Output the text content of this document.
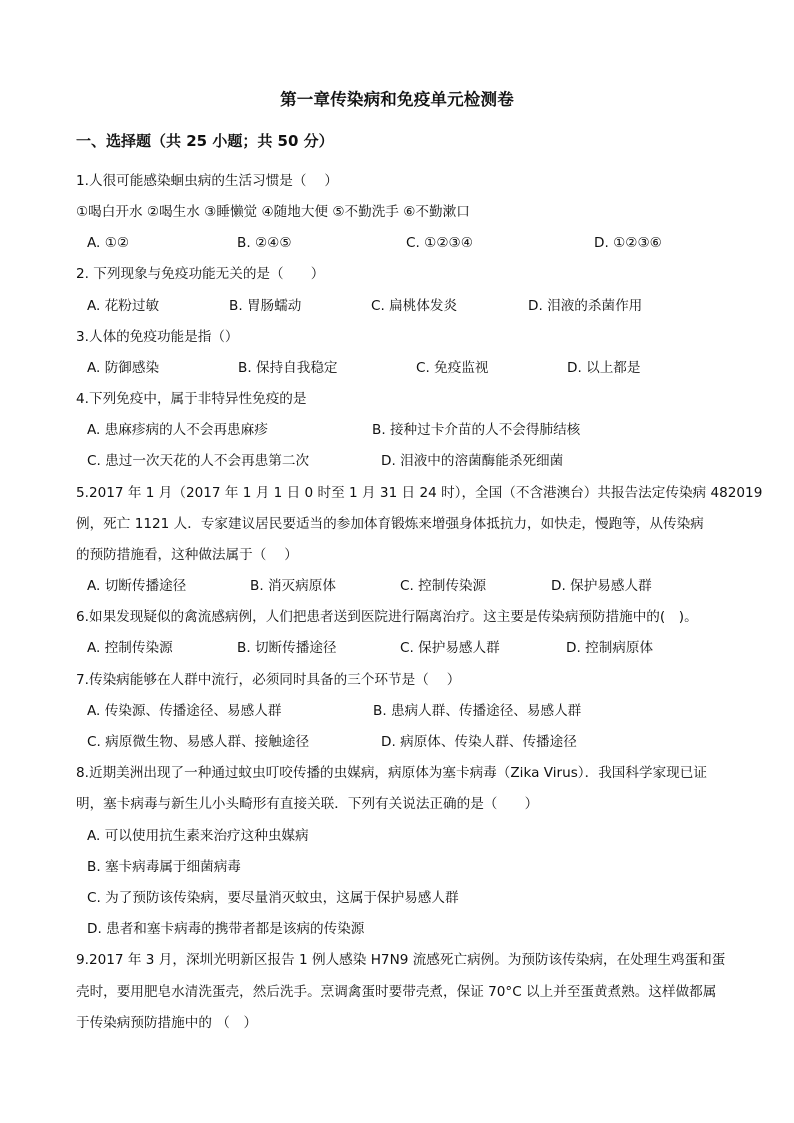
第一章传染病和免疫单元检测卷
一、选择题（共 25 小题；共 50 分）
1.人很可能感染蛔虫病的生活习惯是（　 ）
①喝白开水 ②喝生水 ③睡懒觉 ④随地大便 ⑤不勤洗手 ⑥不勤漱口
A. ①②	B. ②④⑤	C. ①②③④	D. ①②③⑥
2. 下列现象与免疫功能无关的是（　　）
A. 花粉过敏	B. 胃肠蠕动	C. 扁桃体发炎	D. 泪液的杀菌作用
3.人体的免疫功能是指（）
A. 防御感染	B. 保持自我稳定	C. 免疫监视	D. 以上都是
4.下列免疫中，属于非特异性免疫的是
A. 患麻疹病的人不会再患麻疹	B. 接种过卡介苗的人不会得肺结核
C. 患过一次天花的人不会再患第二次	D. 泪液中的溶菌酶能杀死细菌
5.2017 年 1 月（2017 年 1 月 1 日 0 时至 1 月 31 日 24 时），全国（不含港澳台）共报告法定传染病 482019
例，死亡 1121 人．专家建议居民要适当的参加体育锻炼来增强身体抵抗力，如快走，慢跑等，从传染病
的预防措施看，这种做法属于（　 ）
A. 切断传播途径	B. 消灭病原体	C. 控制传染源	D. 保护易感人群
6.如果发现疑似的禽流感病例，人们把患者送到医院进行隔离治疗。这主要是传染病预防措施中的(　)。
A. 控制传染源	B. 切断传播途径	C. 保护易感人群	D. 控制病原体
7.传染病能够在人群中流行，必须同时具备的三个环节是（　 ）
A. 传染源、传播途径、易感人群	B. 患病人群、传播途径、易感人群
C. 病原微生物、易感人群、接触途径	D. 病原体、传染人群、传播途径
8.近期美洲出现了一种通过蚊虫叮咬传播的虫媒病，病原体为塞卡病毒（Zika Virus）．我国科学家现已证
明，塞卡病毒与新生儿小头畸形有直接关联．下列有关说法正确的是（　　）
A. 可以使用抗生素来治疗这种虫媒病
B. 塞卡病毒属于细菌病毒
C. 为了预防该传染病，要尽量消灭蚊虫，这属于保护易感人群
D. 患者和塞卡病毒的携带者都是该病的传染源
9.2017 年 3 月，深圳光明新区报告 1 例人感染 H7N9 流感死亡病例。为预防该传染病，在处理生鸡蛋和蛋
壳时，要用肥皂水清洗蛋壳，然后洗手。烹调禽蛋时要带壳煮，保证 70°C 以上并至蛋黄煮熟。这样做都属
于传染病预防措施中的 （　）
